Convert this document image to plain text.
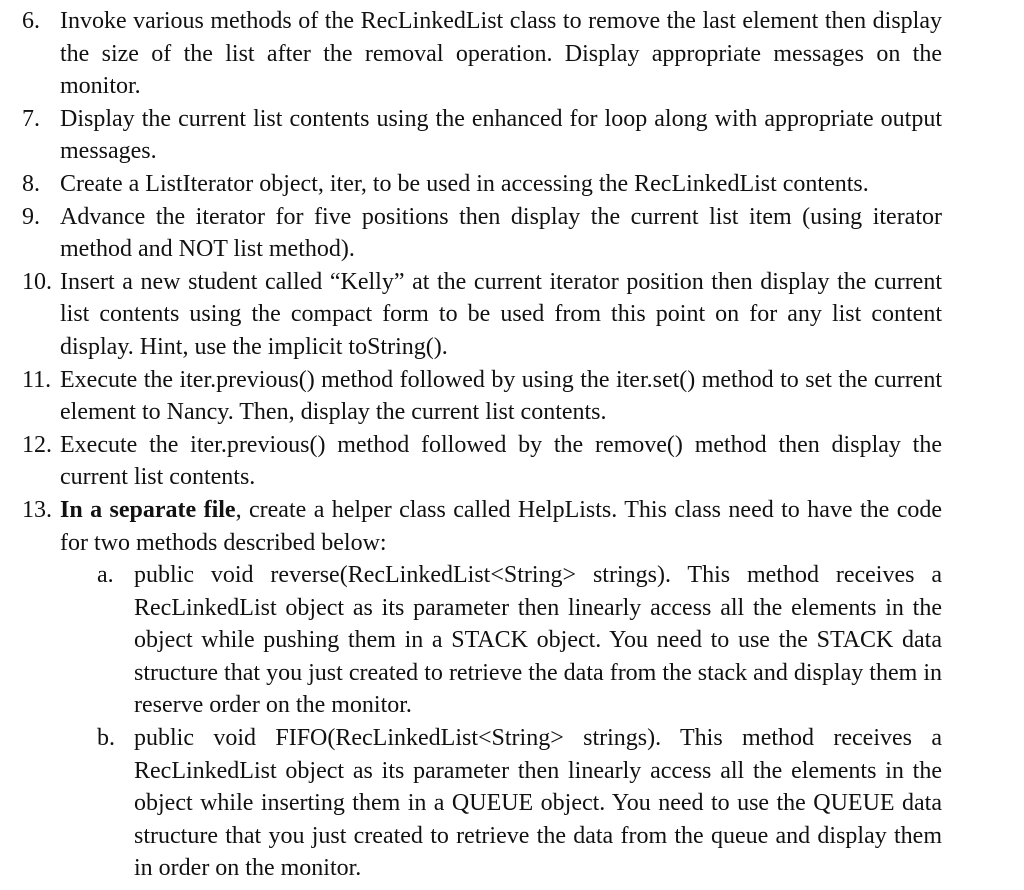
6. Invoke various methods of the RecLinkedList class to remove the last element then display the size of the list after the removal operation. Display appropriate messages on the monitor.
7. Display the current list contents using the enhanced for loop along with appropriate output messages.
8. Create a ListIterator object, iter, to be used in accessing the RecLinkedList contents.
9. Advance the iterator for five positions then display the current list item (using iterator method and NOT list method).
10. Insert a new student called “Kelly” at the current iterator position then display the current list contents using the compact form to be used from this point on for any list content display. Hint, use the implicit toString().
11. Execute the iter.previous() method followed by using the iter.set() method to set the current element to Nancy. Then, display the current list contents.
12. Execute the iter.previous() method followed by the remove() method then display the current list contents.
13. In a separate file, create a helper class called HelpLists. This class need to have the code for two methods described below:
a. public void reverse(RecLinkedList<String> strings). This method receives a RecLinkedList object as its parameter then linearly access all the elements in the object while pushing them in a STACK object. You need to use the STACK data structure that you just created to retrieve the data from the stack and display them in reserve order on the monitor.
b. public void FIFO(RecLinkedList<String> strings). This method receives a RecLinkedList object as its parameter then linearly access all the elements in the object while inserting them in a QUEUE object. You need to use the QUEUE data structure that you just created to retrieve the data from the queue and display them in order on the monitor.
